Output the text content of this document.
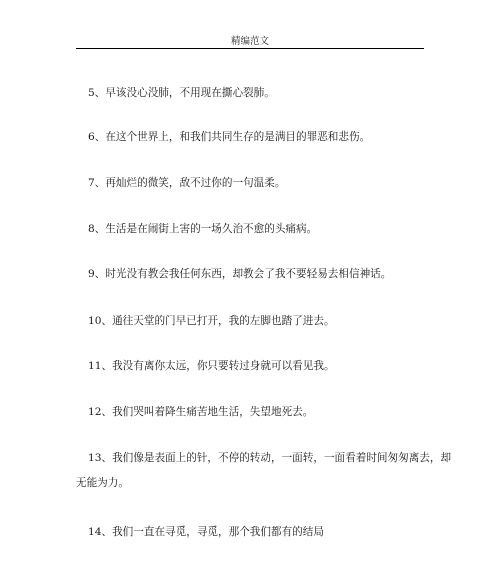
精编范文
5、早该没心没肺，不用现在撕心裂肺。
6、在这个世界上，和我们共同生存的是满目的罪恶和悲伤。
7、再灿烂的微笑，敌不过你的一句温柔。
8、生活是在闹街上害的一场久治不愈的头痛病。
9、时光没有教会我任何东西，却教会了我不要轻易去相信神话。
10、通往天堂的门早已打开，我的左脚也踏了进去。
11、我没有离你太远，你只要转过身就可以看见我。
12、我们哭叫着降生痛苦地生活，失望地死去。
13、我们像是表面上的针，不停的转动，一面转，一面看着时间匆匆离去，却
无能为力。
14、我们一直在寻觅，寻觅，那个我们都有的结局
